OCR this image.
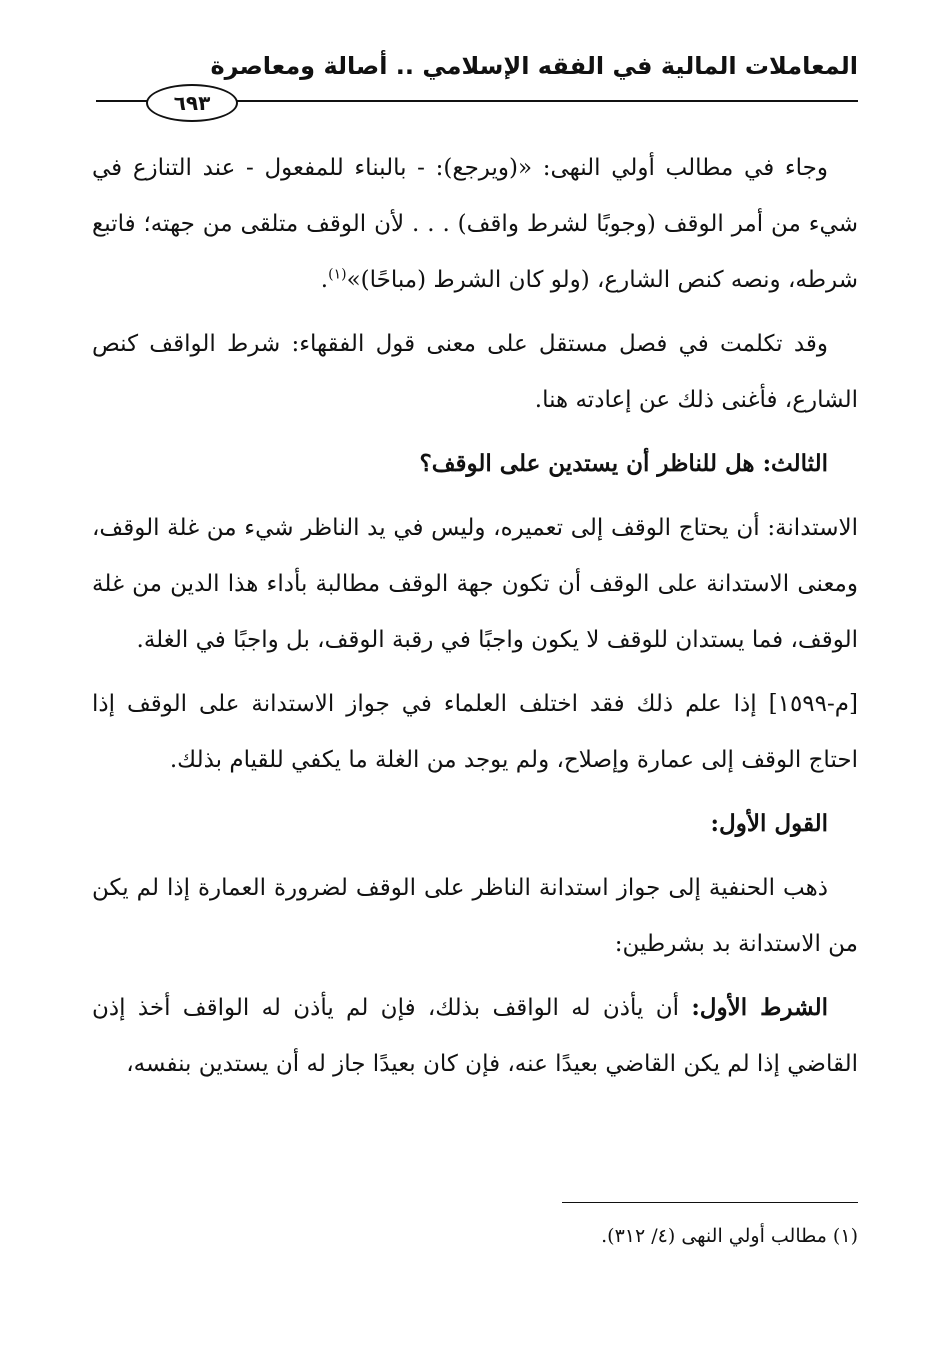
المعاملات المالية في الفقه الإسلامي .. أصالة ومعاصرة
٦٩٣

وجاء في مطالب أولي النهى: «(ويرجع): - بالبناء للمفعول - عند التنازع في شيء من أمر الوقف (وجوبًا لشرط واقف) . . . لأن الوقف متلقى من جهته؛ فاتبع شرطه، ونصه كنص الشارع، (ولو كان الشرط (مباحًا)»$^{(١)}$.

وقد تكلمت في فصل مستقل على معنى قول الفقهاء: شرط الواقف كنص الشارع، فأغنى ذلك عن إعادته هنا.

الثالث: هل للناظر أن يستدين على الوقف؟

الاستدانة: أن يحتاج الوقف إلى تعميره، وليس في يد الناظر شيء من غلة الوقف، ومعنى الاستدانة على الوقف أن تكون جهة الوقف مطالبة بأداء هذا الدين من غلة الوقف، فما يستدان للوقف لا يكون واجبًا في رقبة الوقف، بل واجبًا في الغلة.

[م-١٥٩٩] إذا علم ذلك فقد اختلف العلماء في جواز الاستدانة على الوقف إذا احتاج الوقف إلى عمارة وإصلاح، ولم يوجد من الغلة ما يكفي للقيام بذلك.

القول الأول:

ذهب الحنفية إلى جواز استدانة الناظر على الوقف لضرورة العمارة إذا لم يكن من الاستدانة بد بشرطين:

الشرط الأول: أن يأذن له الواقف بذلك، فإن لم يأذن له الواقف أخذ إذن القاضي إذا لم يكن القاضي بعيدًا عنه، فإن كان بعيدًا جاز له أن يستدين بنفسه،

(١) مطالب أولي النهى (٤/ ٣١٢).
